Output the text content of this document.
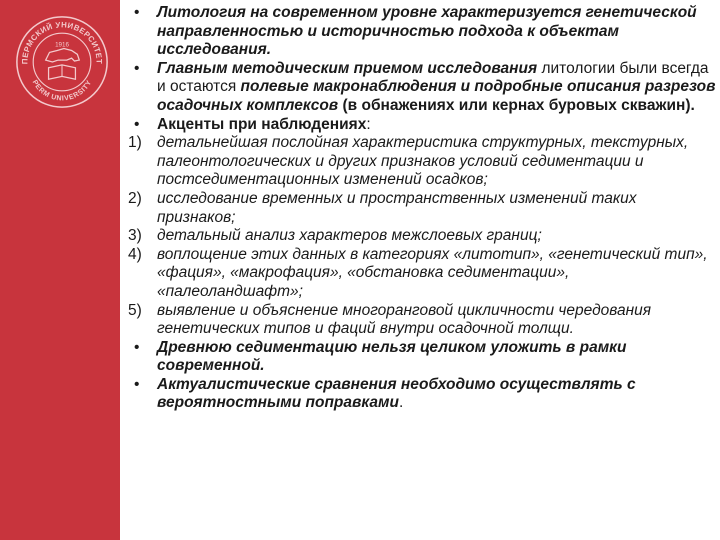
ПЕРМСКИЙ УНИВЕРСИТЕТ
PERM UNIVERSITY
1916
•	Литология на современном уровне характеризуется генетической направленностью и историчностью подхода к объектам исследования.
•	Главным методическим приемом исследования литологии были всегда и остаются полевые макронаблюдения и подробные описания разрезов осадочных комплексов (в обнажениях или кернах буровых скважин).
•	Акценты при наблюдениях:
1) детальнейшая послойная характеристика структурных, текстурных, палеонтологических и других признаков условий седиментации и постседиментационных изменений осадков;
2) исследование временных и пространственных изменений таких признаков;
3) детальный анализ характеров межслоевых границ;
4) воплощение этих данных в категориях «литотип», «генетический тип», «фация», «макрофация», «обстановка седиментации», «палеоландшафт»;
5) выявление и объяснение многоранговой цикличности чередования генетических типов и фаций внутри осадочной толщи.
•	Древнюю седиментацию нельзя целиком уложить в рамки современной.
•	Актуалистические сравнения необходимо осуществлять с вероятностными поправками.
